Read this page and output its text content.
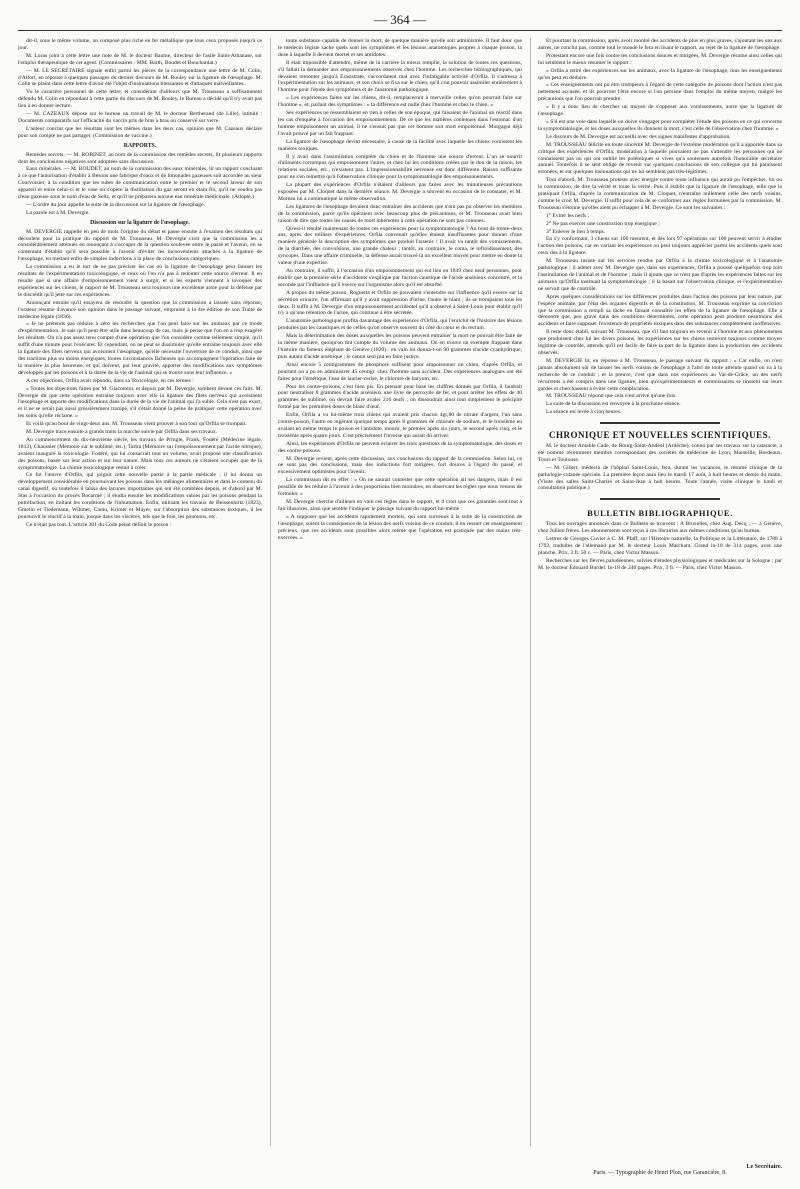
— 364 —

dit-il, sous le même volume, un composé plus riche en fer métallique que tous ceux proposés jusqu'à ce jour.

M. Loras joint à cette lettre une note de M. le docteur Baume, directeur de l'asile Saint-Athanase, sur l'emploi thérapeutique de cet agent. (Commissaires : MM. Barth, Boudet et Bouchardat.)

— M. LE SECRÉTAIRE signale enfin parmi les pièces de la correspondance une lettre de M. Colin, d'Alfort, en réponse à quelques passages du dernier discours de M. Bouley sur la ligature de l'œsophage. M. Colin se plaint dans cette lettre d'avoir été l'objet d'insinuations blessantes et d'attaques malveillantes.

Vu le caractère personnel de cette lettre, et considérant d'ailleurs que M. Trousseau a suffisamment défendu M. Colin en répondant à cette partie du discours de M. Bouley, le Bureau a décidé qu'il n'y avait pas lieu à en donner lecture.

— M. CAZEAUX dépose sur le bureau un travail de M. le docteur Bertherand (de Lille), intitulé : Documents comparatifs sur l'efficacité du vaccin pris de bras à bras ou conservé sur verre.

L'auteur conclut que les résultats sont les mêmes dans les deux cas, opinion que M. Cazeaux déclare pour son compte ne pas partager. (Commission de vaccine.)

RAPPORTS.

Remèdes secrets. — M. ROBINET, au nom de la commission des remèdes secrets, lit plusieurs rapports dont les conclusions négatives sont adoptées sans discussion.

Eaux minérales. — M. BOUDET, au nom de la commission des eaux minérales, lit un rapport concluant à ce que l'autorisation d'établir à Besons une fabrique d'eaux et de limonades gazeuses soit accordée au sieur Courvoisier, à la condition que les tubes de communication entre le premier et le second laveur de son appareil et entre celui-ci et le vase où s'opère la distillation du gaz seront en étain fin, qu'il ne vendra pas d'eau gazeuse sous le nom d'eau de Seltz, et qu'il ne préparera aucune eau minérale médicinale. (Adopté.)

— L'ordre du jour appelle la suite de la discussion sur la ligature de l'œsophage.

La parole est à M. Devergie.

Discussion sur la ligature de l'œsophage.

M. DEVERGIE rappelle en peu de mots l'origine du débat et passe ensuite à l'examen des résultats qui découlent pour la pratique du rapport de M. Trousseau. M. Devergie croit que la commission les a considérablement atténués en renonçant à s'occuper de la question soulevée entre le passé et l'avenir, en se contentant d'établir qu'il sera possible à l'avenir d'éviter les inconvénients attachés à la ligature de l'œsophage, en mettant enfin de simples inductions à la place de conclusions catégoriques.

La commission a eu le tort de ne pas préciser les cas où la ligature de l'œsophage peut fausser les résultats de l'expérimentation toxicologique, et ceux où l'on n'a pas à redouter cette source d'erreur. Il en résulte que si une affaire d'empoisonnement vient à surgir, et si les experts viennent à invoquer des expériences sur les chiens, le rapport de M. Trousseau sera toujours une excellente arme pour la défense par le discrédit qu'il jette sur ces expériences.

Annonçant ensuite qu'il essayera de résoudre la question que la commission a laissée sans réponse, l'orateur résume d'avance son opinion dans le passage suivant, emprunté à la 4re édition de son Traité de médecine légale (1836).

« Je ne prétends pas réduire à zéro les recherches que l'on peut faire sur les animaux par ce mode d'expérimentation. Je sais qu'il peut être utile dans beaucoup de cas, mais je pense que l'on en a trop exagéré les résultats. On n'a pas assez tenu compte d'une opération que l'on considère comme tellement simple, qu'il suffit d'une minute pour l'exécuter. Et cependant, on ne peut se dissimuler qu'elle entraîne toujours avec elle la ligature des filets nerveux qui avoisinent l'œsophage, qu'elle nécessite l'ouverture de ce conduit, ainsi que des tractions plus ou moins énergiques, toutes circonstances fâcheuses qui accompagnent l'opération faite de la manière la plus heureuse, et qui doivent, par leur gravité, apporter des modifications aux symptômes développés par les poisons et à la durée de la vie de l'animal qui se trouve sous leur influence. »

A ces objections, Orfila avait répondu, dans sa Toxicologie, en ces termes :

« Toutes les objections faites par M. Giacomini, et depuis par M. Devergie, tombent devant ces faits. M. Devergie dit que cette opération entraîne toujours avec elle la ligature des filets nerveux qui avoisinent l'œsophage et apporte des modifications dans la durée de la vie de l'animal qui l'a subie. Cela n'est pas exact, et il ne se serait pas aussi grossièrement trompé, s'il s'était donné la peine de pratiquer cette opération avec les soins qu'elle réclame. »

Et voilà qu'au bout de vingt-deux ans, M. Trousseau vient prouver à son tour qu'Orfila se trompait.

M. Devergie trace ensuite à grands traits la marche suivie par Orfila dans ses travaux.

Au commencement du dix-neuvième siècle, les travaux de Pringle, Frank, Fodéré (Médecine légale, 1813), Chaussier (Mémoire sur le sublimé, etc.), Tartra (Mémoire sur l'empoisonnement par l'acide nitrique), avaient inauguré la toxicologie. Fodéré, qui lui consacrait tout un volume, avait proposé une classification des poisons, basée sur leur action et sur leur nature. Mais tous ces auteurs ne s'étaient occupés que de la symptomatologie. La chimie toxicologique restait à créer.

Ce fut l'œuvre d'Orfila, qui joignit cette nouvelle partie à la partie médicale ; il lui donna un développement considérable en poursuivant les poisons dans les mélanges alimentaires et dans le contenu du canal digestif, où toutefois il laissa des lacunes importantes qui ont été comblées depuis, et d'abord par M. Stas à l'occasion du procès Bocarmé ; il étudia ensuite les modifications subies par les poisons pendant la putréfaction, en imitant les conditions de l'inhumation. Enfin, utilisant les travaux de Beissenhirtz (1823), Gmelin et Tiedemann, Wibmer, Cantu, Krimer et Mayer, sur l'absorption des substances toxiques, il les poursuivit le réactif à la main, jusque dans les viscères, tels que le foie, les poumons, etc.

Ce n'était pas tout. L'article 301 du Code pénal définit le poison :

toute substance capable de donner la mort, de quelque manière qu'elle soit administrée. Il faut donc que le médecin légiste sache quels sont les symptômes et les lésions anatomiques propres à chaque poison, la dose à laquelle il devient mortel et ses antidotes.

Il était impossible d'attendre, même de la carrière la mieux remplie, la solution de toutes ces questions, s'il fallait la demander aux empoisonnements observés chez l'homme. Les recherches bibliographiques, qui devaient remonter jusqu'à Erasistrate, s'accordaient mal avec l'infatigable activité d'Orfila. Il s'adressa à l'expérimentation sur les animaux, et son choix se fixa sur le chien, qu'il crut pouvoir assimiler entièrement à l'homme pour l'étude des symptômes et de l'anatomie pathologique.

« Les expériences faites sur les chiens, dit-il, remplaceront à merveille celles qu'on pourrait faire sur l'homme », et, parlant des symptômes : « la différence est nulle chez l'homme et chez le chien. »

Ses expériences ne ressemblaient en rien à celles de son époque, qui faisaient de l'animal un réactif dans les cas d'enquête à l'occasion des empoisonnements. De ce que les matières contenues dans l'estomac d'un homme empoisonnent un animal, il ne s'ensuit pas que cet homme soit mort empoisonné. Morgagni déjà l'avait prouvé par un fait frappant.

La ligature de l'œsophage devint nécessaire, à cause de la facilité avec laquelle les chiens vomissent les matières toxiques.

Il y avait dans l'assimilation complète du chien et de l'homme une source d'erreur. L'un se nourrit d'aliments corrompus qui empoisonnent l'autre, et chez lui les conditions créées par le don de la raison, les relations sociales, etc., n'existent pas. L'impressionnabilité nerveuse est donc différente. Raison suffisante pour ne s'en remettre qu'à l'observation clinique pour la symptomatologie des empoisonnements.

La plupart des expériences d'Orfila n'étaient d'ailleurs pas faites avec les minutieuses précautions exposées par M. Cloquet dans la dernière séance. M. Devergie a souvent eu occasion de le constater, et M. Moreau lui a communiqué la même observation.

Les ligatures de l'œsophage devaient donc entraîner des accidents que n'ont pas pu observer les membres de la commission, parce qu'ils opéraient avec beaucoup plus de précautions, et M. Trousseau avait bien raison de dire que toutes les causes de mort inhérentes à cette opération ne sont pas connues.

Qu'est-il résulté maintenant de toutes ces expériences pour la symptomatologie ? Au bout de trente-deux ans, après des milliers d'expériences, Orfila convenait qu'elles étaient insuffisantes pour donner d'une manière générale la description des symptômes que produit l'arsenic ! Il avait vu tantôt des vomissements, de la diarrhée, des convulsions, une grande chaleur ; tantôt, au contraire, le coma, le refroidissement, des syncopes. Dans une affaire criminelle, la défense aurait trouvé là un excellent moyen pour mettre en doute la valeur d'une expertise.

Au contraire, il suffit, à l'occasion d'un empoisonnement qui eut lieu en 1849 chez neuf personnes, pour établir que la première série d'accidents s'explique par l'action caustique de l'acide arsénieux concentré, et la seconde par l'influence qu'il exerce sur l'organisme alors qu'il est absorbé.

A propos du même poison, Rognetta et Orfila ne pouvaient s'entendre sur l'influence qu'il exerce sur la sécrétion urinaire, l'un affirmant qu'il y avait suppression d'urine, l'autre le niant ; ils se trompaient tous les deux. Il suffit à M. Devergie d'un empoisonnement accidentel qu'il a observé à Saint-Louis pour établir qu'il n'y a qu'une rétention de l'urine, qui continue à être sécrétée.

L'anatomie pathologique profita davantage des expériences d'Orfila, qui l'enrichit de l'histoire des lésions produites par les caustiques et de celles qu'on observe souvent du côté du cœur et du rectum.

Mais la détermination des doses auxquelles les poisons peuvent entraîner la mort ne pouvait être faite de la même manière, quoiqu'on tînt compte du volume des animaux. On en trouve un exemple frappant dans l'histoire du fameux éléphant de Genève (1820) : en vain lui donna-t-on 90 grammes d'acide cyanhydrique, puis autant d'acide arsénique ; le canon seul put en faire justice.

Ainsi encore 5 centigrammes de phosphore suffisent pour empoisonner un chien, d'après Orfila, et pourtant on a pu en administrer 45 centigr. chez l'homme sans accident. Des expériences analogues ont été faites pour l'émétique, l'eau de laurier-cerise, le chlorure de baryum, etc.

Pour les contre-poisons, c'est bien pis. En prenant pour base les chiffres donnés par Orfila, il faudrait pour neutraliser 8 grammes d'acide arsénieux une livre de peroxyde de fer, et pour arrêter les effets de 40 grammes de sublimé, on devrait faire avaler 216 œufs ; on dissoudrait ainsi tout simplement le précipité formé par les premières doses de blanc d'œuf.

Enfin, Orfila a vu lui-même trois chiens qui avaient pris chacun 4gr,80 de nitrate d'argent, l'un sans contre-poison, l'autre en ingérant quelque temps après 8 grammes de chlorure de sodium, et le troisième en avalant en même temps le poison et l'antidote, mourir, le premier après six jours, le second après cinq, et le troisième après quatre jours. C'est précisément l'inverse qui aurait dû arriver.

Ainsi, les expériences d'Orfila ne peuvent éclairer les trois questions de la symptomatologie, des doses et des contre-poisons.

M. Devergie revient, après cette discussion, aux conclusions du rapport de la commission. Selon lui, ce ne sont pas des conclusions, mais des inductions fort mitigées, fort douces à l'égard du passé, et excessivement optimistes pour l'avenir.

La commission dit en effet : « On ne saurait contester que cette opération ait ses dangers, mais il est possible de les réduire à l'avenir à des proportions bien moindres, en observant les règles que nous venons de formuler. »

M. Devergie cherche d'ailleurs en vain ces règles dans le rapport, et il croit que ces garanties sont tout à fait illusoires, ainsi que semble l'indiquer le passage suivant du rapport lui-même :

« A supposer que les accidents rapidement mortels, qui sont survenus à la suite de la constriction de l'œsophage, soient la conséquence de la lésion des nerfs voisins de ce conduit, il en ressort cet enseignement précieux, que ces accidents sont possibles alors même que l'opération est pratiquée par des mains très-exercées. »

Et pourtant la commission, après avoir montré des accidents de plus en plus graves, s'ajoutant les uns aux autres, ne conclut pas, comme tout le monde le fera en lisant le rapport, au rejet de la ligature de l'œsophage.

Protestant encore une fois contre les conclusions douces et mitigées, M. Devergie résume ainsi celles qui lui semblent le mieux résumer le rapport :

« Orfila a retiré des expériences sur les animaux, avec la ligature de l'œsophage, tous les enseignements qu'on peut en déduire.

» Ces enseignements ont pu être trompeurs à l'égard de cette catégorie de poisons dont l'action n'est pas nettement accusée, et ils pourront l'être encore si l'on persiste dans l'emploi du même moyen, malgré les précautions que l'on pourrait prendre.

» Il y a donc lieu de chercher un moyen de s'opposer aux vomissements, autre que la ligature de l'œsophage.

» S'il est une voie dans laquelle on doive s'engager pour compléter l'étude des poisons en ce qui concerne la symptomatologie, et les doses auxquelles ils donnent la mort, c'est celle de l'observation chez l'homme. »

Le discours de M. Devergie est accueilli avec des signes manifestes d'approbation.

M. TROUSSEAU félicite en toute sincérité M. Devergie de l'extrême modération qu'il a apportée dans sa critique des expériences d'Orfila, modération à laquelle pouvaient ne pas s'attendre les personnes qui ne connaissent pas ou qui ont oublié les polémiques si vives qu'a soutenues autrefois l'honorable secrétaire annuel. Toutefois il se sent obligé de revenir sur quelques conclusions de son collègue qui lui paraissent erronées, et sur quelques insinuations qui ne lui semblent pas très-légitimes.

Tout d'abord, M. Trousseau proteste avec énergie contre toute influence qui aurait pu l'empêcher, lui ou la commission, de dire la vérité et toute la vérité. Puis il établit que la ligature de l'œsophage, telle que la pratiquait Orfila, d'après la communication de M. Cloquet, n'entraîne nullement celle des nerfs voisins, comme le croit M. Devergie. Il suffit pour cela de se conformer aux règles formulées par la commission. M. Trousseau s'étonne qu'elles aient pu échapper à M. Devergie. Ce sont les suivantes :

1° Éviter les nerfs ;

2° Ne pas exercer une constriction trop énergique ;

3° Enlever le lien à temps.

En s'y conformant, 3 chiens sur 100 meurent, et dès lors 97 opérations sur 100 peuvent servir à étudier l'action des poisons, car en variant les expériences on peut toujours apprécier parmi les accidents quels sont ceux dus à la ligature.

M. Trousseau insiste sur les services rendus par Orfila à la chimie toxicologique et à l'anatomie pathologique ; il admet avec M. Devergie que, dans ses expériences, Orfila a poussé quelquefois trop loin l'assimilation de l'animal et de l'homme ; mais il ajoute que ce n'est pas d'après les expériences faites sur les animaux qu'Orfila instituait la symptomatologie ; il la basait sur l'observation clinique, et l'expérimentation ne servait que de contrôle.

Après quelques considérations sur les différences produites dans l'action des poisons par leur nature, par l'espèce animale, par l'état des organes digestifs et de la constitution, M. Trousseau exprime sa conviction que la commission a rempli sa tâche en faisant connaître les effets de la ligature de l'œsophage. Elle a démontré que, peu grave dans des conditions déterminées, cette opération peut produire néanmoins des accidents et faire supposer l'existence de propriétés toxiques dans des substances complètement inoffensives.

Il reste donc établi, suivant M. Trousseau, que s'il faut toujours en revenir à l'homme et aux phénomènes que produisent chez lui les divers poisons, les expériences sur les chiens resteront toujours comme moyen légitime de contrôle, attendu qu'il est facile de faire la part de la ligature dans la production des accidents observés.

M. DEVERGIE lit, en réponse à M. Trousseau, le passage suivant du rapport : « Car enfin, on n'est jamais absolument sûr de laisser les nerfs voisins de l'œsophage à l'abri de toute atteinte quand on va à la recherche de ce conduit ; et la preuve, c'est que dans nos expériences au Val-de-Grâce, un des nerfs récurrents a été compris dans une ligature, bien qu'expérimentateurs et commissaires se tinssent sur leurs gardes et cherchassent à éviter cette complication.

M. TROUSSEAU répond que cela n'est arrivé qu'une fois.

La suite de la discussion est renvoyée à la prochaine séance.

La séance est levée à cinq heures.

CHRONIQUE ET NOUVELLES SCIENTIFIQUES.

M. le docteur Amable Cade, de Bourg-Saint-Andéol (Ardèche), connu par ses travaux sur la cataracte, a été nommé récemment membre correspondant des sociétés de médecine de Lyon, Marseille, Bordeaux, Tours et Toulouse.

— M. Gibert, médecin de l'hôpital Saint-Louis, fera, durant les vacances, le résumé clinique de la pathologie cutanée spéciale. La première leçon aura lieu le mardi 17 août, à huit heures et demie du matin. (Visite des salles Saint-Charles et Saint-Jean à huit heures. Toute l'année, visite clinique le lundi et consultation publique.)

BULLETIN BIBLIOGRAPHIQUE.

Tous les ouvrages annoncés dans ce Bulletin se trouvent : A Bruxelles, chez Aug. Decq ; — à Genève, chez Jullien frères. Les abonnements sont reçus à ces librairies aux mêmes conditions qu'au bureau.

Lettres de Georges Cuvier à C. M. Pfaff, sur l'Histoire naturelle, la Politique et la Littérature, de 1788 à 1792, traduites de l'allemand par M. le docteur Louis Marchant. Grand in-18 de 314 pages, avec une planche. Prix, 3 fr. 50 c. — Paris, chez Victor Masson.

Recherches sur les fièvres paludéennes, suivies d'études physiologiques et médicales sur la Sologne ; par M. le docteur Édouard Burdel. In-18 de 240 pages. Prix, 3 fr. — Paris, chez Victor Masson.

Le Secrétaire.
Paris. — Typographie de Henri Plon, rue Garancière, 8.
